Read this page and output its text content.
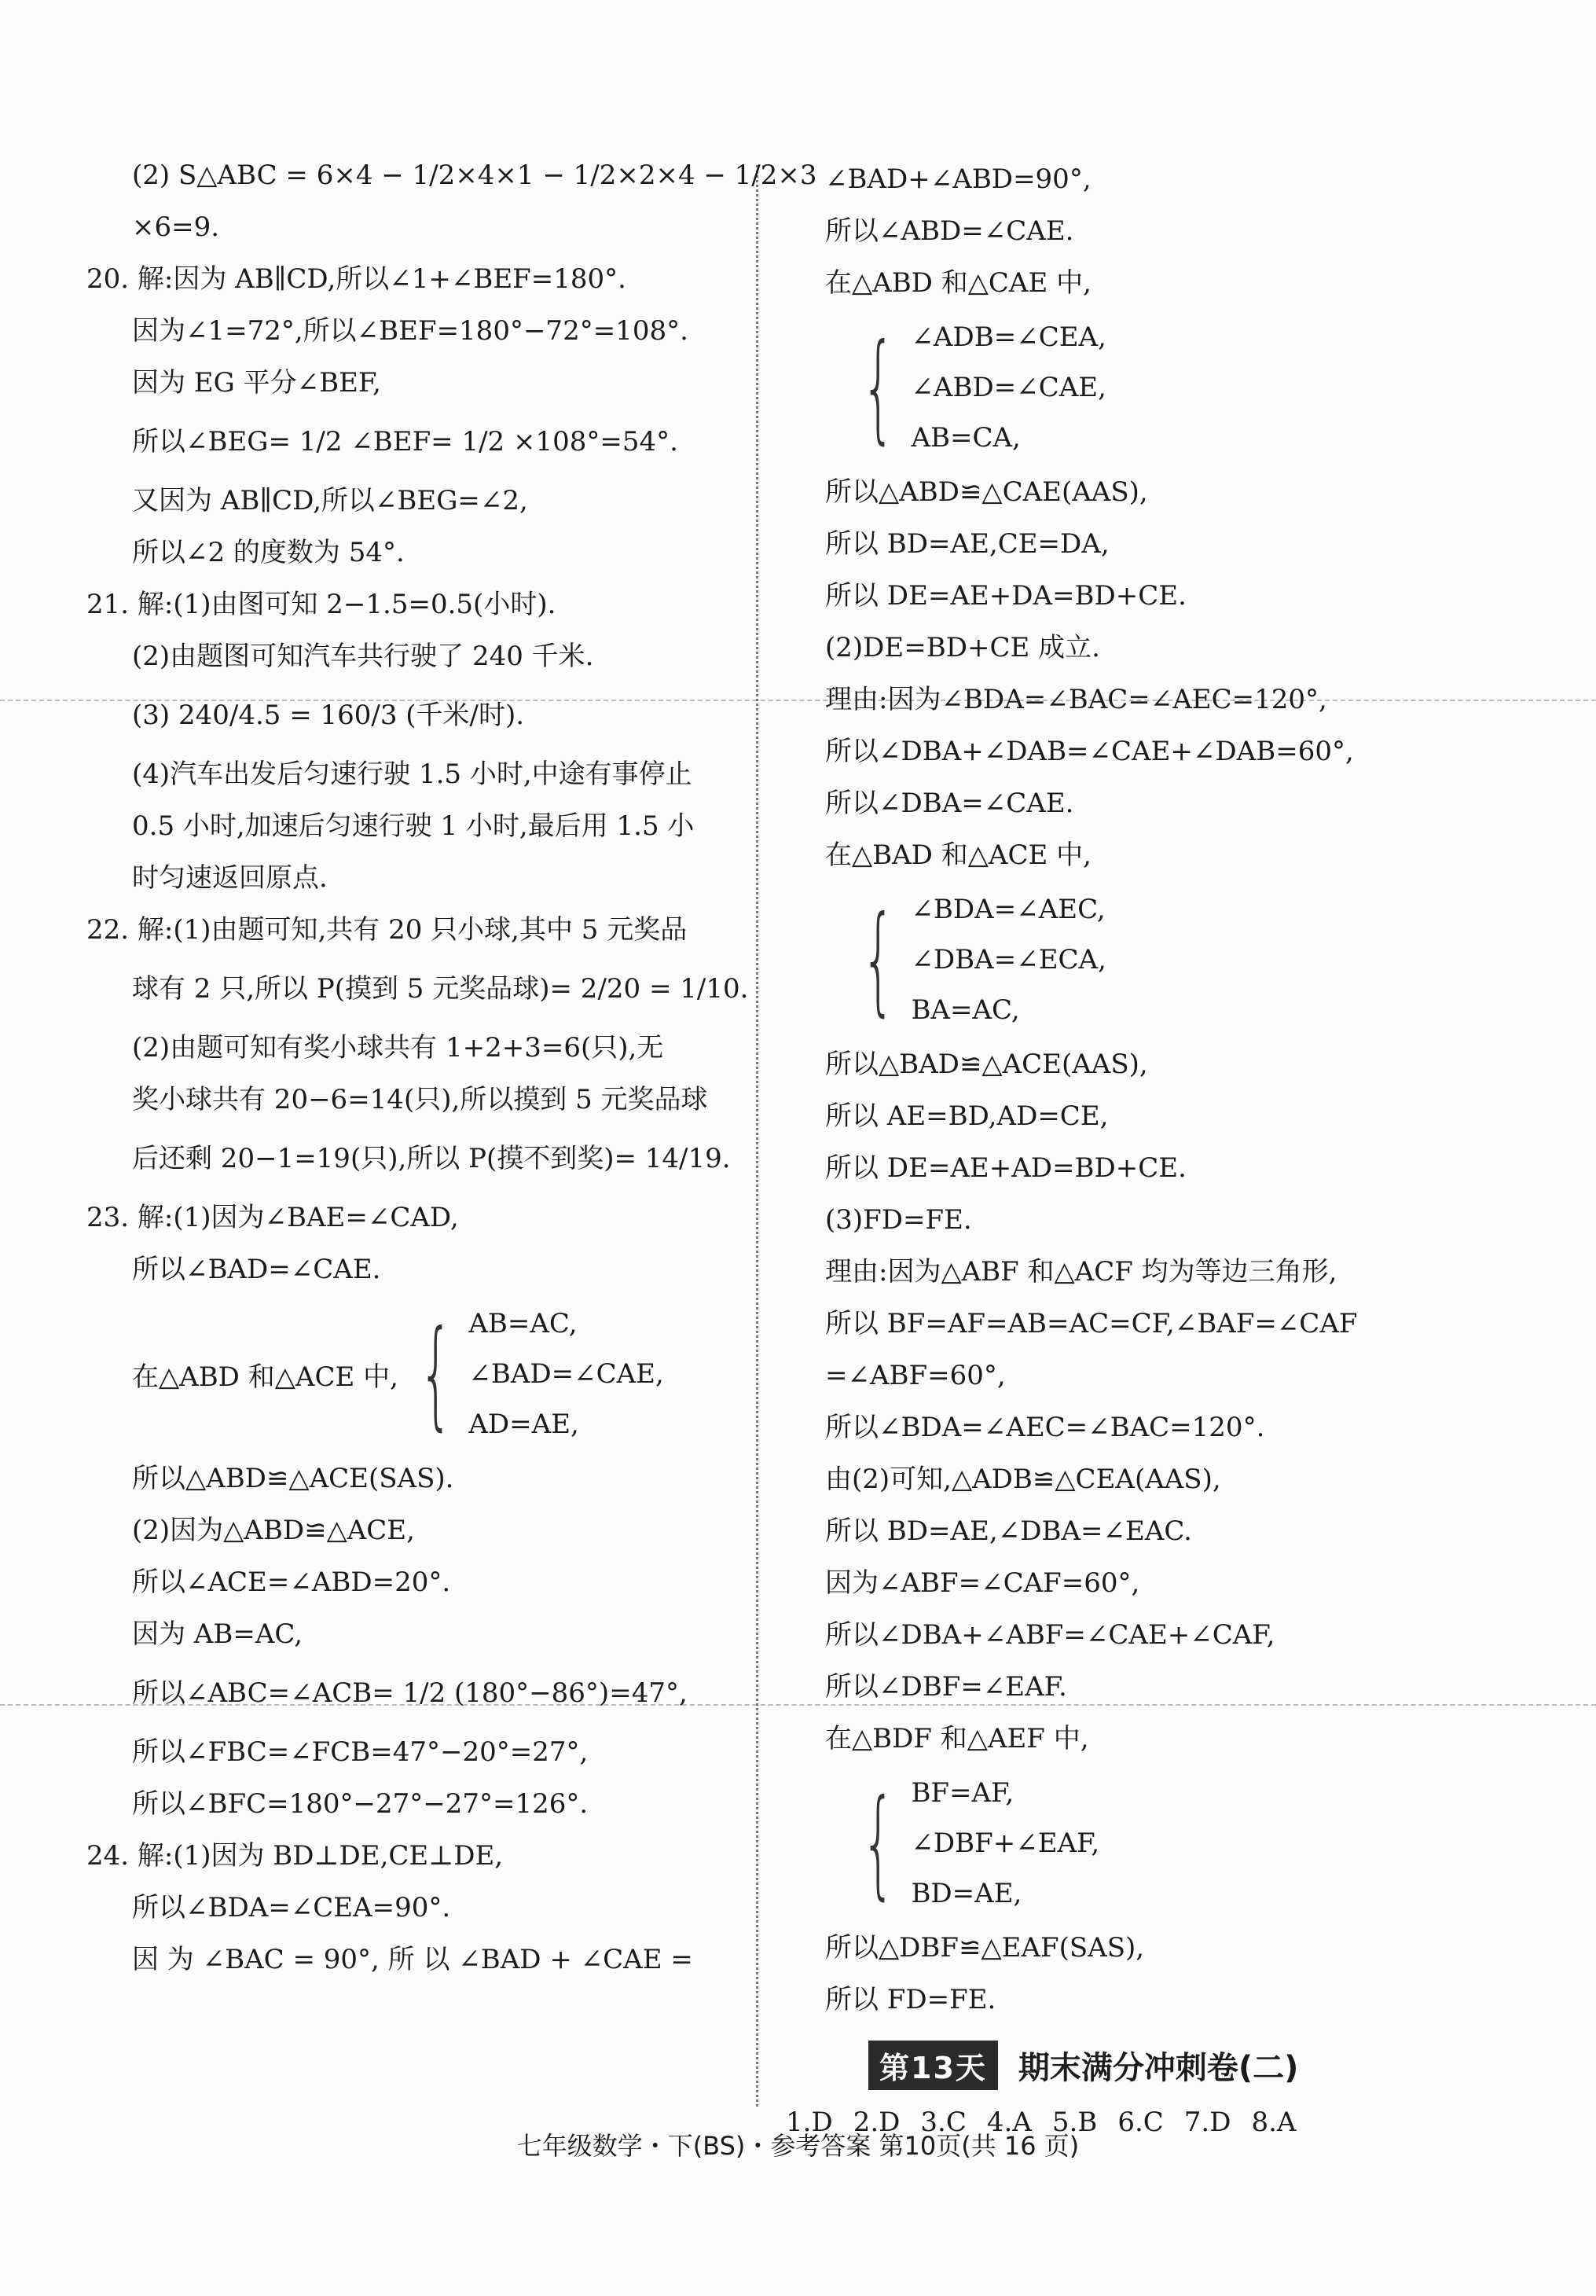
(2) S△ABC = 6×4 − 1/2×4×1 − 1/2×2×4 − 1/2×3
×6=9.
20. 解:因为 AB∥CD,所以∠1+∠BEF=180°.
因为∠1=72°,所以∠BEF=180°−72°=108°.
因为 EG 平分∠BEF,
所以∠BEG= 1/2 ∠BEF= 1/2 ×108°=54°.
又因为 AB∥CD,所以∠BEG=∠2,
所以∠2 的度数为 54°.
21. 解:(1)由图可知 2−1.5=0.5(小时).
(2)由题图可知汽车共行驶了 240 千米.
(3) 240/4.5 = 160/3 (千米/时).
(4)汽车出发后匀速行驶 1.5 小时,中途有事停止
0.5 小时,加速后匀速行驶 1 小时,最后用 1.5 小
时匀速返回原点.
22. 解:(1)由题可知,共有 20 只小球,其中 5 元奖品
球有 2 只,所以 P(摸到 5 元奖品球)= 2/20 = 1/10.
(2)由题可知有奖小球共有 1+2+3=6(只),无
奖小球共有 20−6=14(只),所以摸到 5 元奖品球
后还剩 20−1=19(只),所以 P(摸不到奖)= 14/19.
23. 解:(1)因为∠BAE=∠CAD,
所以∠BAD=∠CAE.
在△ABD 和△ACE 中, { AB=AC,
∠BAD=∠CAE,
AD=AE,
所以△ABD≌△ACE(SAS).
(2)因为△ABD≌△ACE,
所以∠ACE=∠ABD=20°.
因为 AB=AC,
所以∠ABC=∠ACB= 1/2 (180°−86°)=47°,
所以∠FBC=∠FCB=47°−20°=27°,
所以∠BFC=180°−27°−27°=126°.
24. 解:(1)因为 BD⊥DE,CE⊥DE,
所以∠BDA=∠CEA=90°.
因 为 ∠BAC = 90°, 所 以 ∠BAD + ∠CAE =
∠BAD+∠ABD=90°,
所以∠ABD=∠CAE.
在△ABD 和△CAE 中,
{ ∠ADB=∠CEA,
∠ABD=∠CAE,
AB=CA,
所以△ABD≌△CAE(AAS),
所以 BD=AE,CE=DA,
所以 DE=AE+DA=BD+CE.
(2)DE=BD+CE 成立.
理由:因为∠BDA=∠BAC=∠AEC=120°,
所以∠DBA+∠DAB=∠CAE+∠DAB=60°,
所以∠DBA=∠CAE.
在△BAD 和△ACE 中,
{ ∠BDA=∠AEC,
∠DBA=∠ECA,
BA=AC,
所以△BAD≌△ACE(AAS),
所以 AE=BD,AD=CE,
所以 DE=AE+AD=BD+CE.
(3)FD=FE.
理由:因为△ABF 和△ACF 均为等边三角形,
所以 BF=AF=AB=AC=CF,∠BAF=∠CAF
=∠ABF=60°,
所以∠BDA=∠AEC=∠BAC=120°.
由(2)可知,△ADB≌△CEA(AAS),
所以 BD=AE,∠DBA=∠EAC.
因为∠ABF=∠CAF=60°,
所以∠DBA+∠ABF=∠CAE+∠CAF,
所以∠DBF=∠EAF.
在△BDF 和△AEF 中,
{ BF=AF,
∠DBF+∠EAF,
BD=AE,
所以△DBF≌△EAF(SAS),
所以 FD=FE.
第13天	期末满分冲刺卷(二)
1.D 2.D 3.C 4.A 5.B 6.C 7.D 8.A
七年级数学・下(BS)・参考答案 第10页(共 16 页)
